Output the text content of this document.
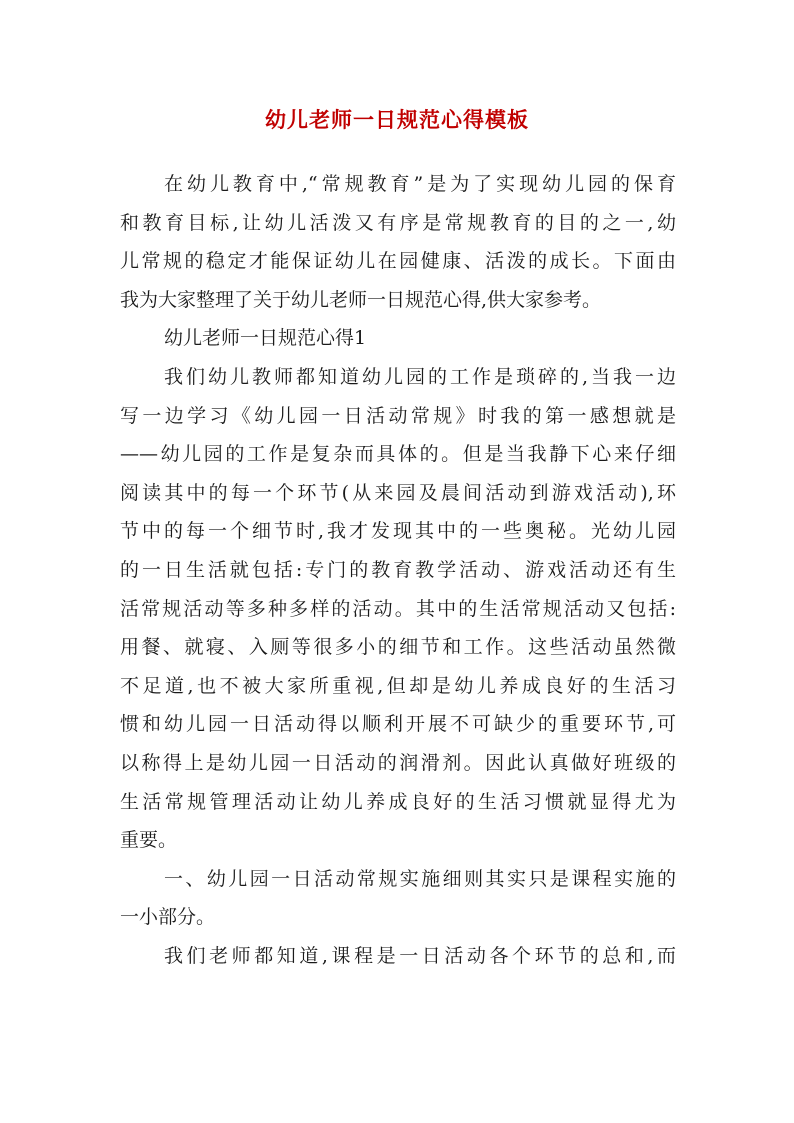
幼儿老师一日规范心得模板
在幼儿教育中,“常规教育”是为了实现幼儿园的保育
和教育目标,让幼儿活泼又有序是常规教育的目的之一,幼
儿常规的稳定才能保证幼儿在园健康、活泼的成长。下面由
我为大家整理了关于幼儿老师一日规范心得,供大家参考。
幼儿老师一日规范心得1
我们幼儿教师都知道幼儿园的工作是琐碎的,当我一边
写一边学习《幼儿园一日活动常规》时我的第一感想就是
——幼儿园的工作是复杂而具体的。但是当我静下心来仔细
阅读其中的每一个环节(从来园及晨间活动到游戏活动),环
节中的每一个细节时,我才发现其中的一些奥秘。光幼儿园
的一日生活就包括:专门的教育教学活动、游戏活动还有生
活常规活动等多种多样的活动。其中的生活常规活动又包括:
用餐、就寝、入厕等很多小的细节和工作。这些活动虽然微
不足道,也不被大家所重视,但却是幼儿养成良好的生活习
惯和幼儿园一日活动得以顺利开展不可缺少的重要环节,可
以称得上是幼儿园一日活动的润滑剂。因此认真做好班级的
生活常规管理活动让幼儿养成良好的生活习惯就显得尤为
重要。
一、幼儿园一日活动常规实施细则其实只是课程实施的
一小部分。
我们老师都知道,课程是一日活动各个环节的总和,而
